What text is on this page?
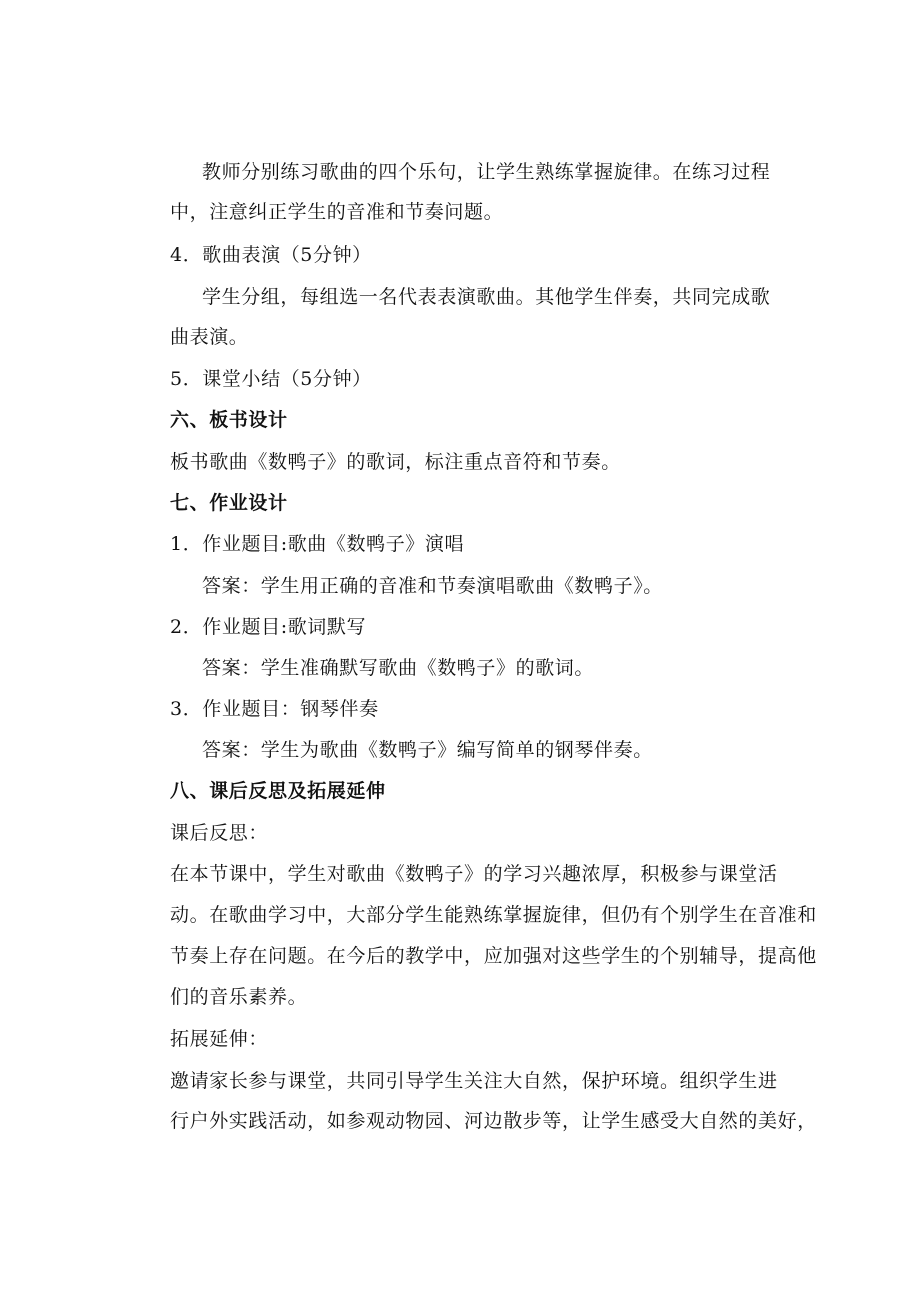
教师分别练习歌曲的四个乐句，让学生熟练掌握旋律。在练习过程
中，注意纠正学生的音准和节奏问题。
4．歌曲表演（5分钟）
学生分组，每组选一名代表表演歌曲。其他学生伴奏，共同完成歌
曲表演。
5．课堂小结（5分钟）
六、板书设计
板书歌曲《数鸭子》的歌词，标注重点音符和节奏。
七、作业设计
1．作业题目:歌曲《数鸭子》演唱
答案：学生用正确的音准和节奏演唱歌曲《数鸭子》。
2．作业题目:歌词默写
答案：学生准确默写歌曲《数鸭子》的歌词。
3．作业题目：钢琴伴奏
答案：学生为歌曲《数鸭子》编写简单的钢琴伴奏。
八、课后反思及拓展延伸
课后反思：
在本节课中，学生对歌曲《数鸭子》的学习兴趣浓厚，积极参与课堂活
动。在歌曲学习中，大部分学生能熟练掌握旋律，但仍有个别学生在音准和
节奏上存在问题。在今后的教学中，应加强对这些学生的个别辅导，提高他
们的音乐素养。
拓展延伸：
邀请家长参与课堂，共同引导学生关注大自然，保护环境。组织学生进
行户外实践活动，如参观动物园、河边散步等，让学生感受大自然的美好，
